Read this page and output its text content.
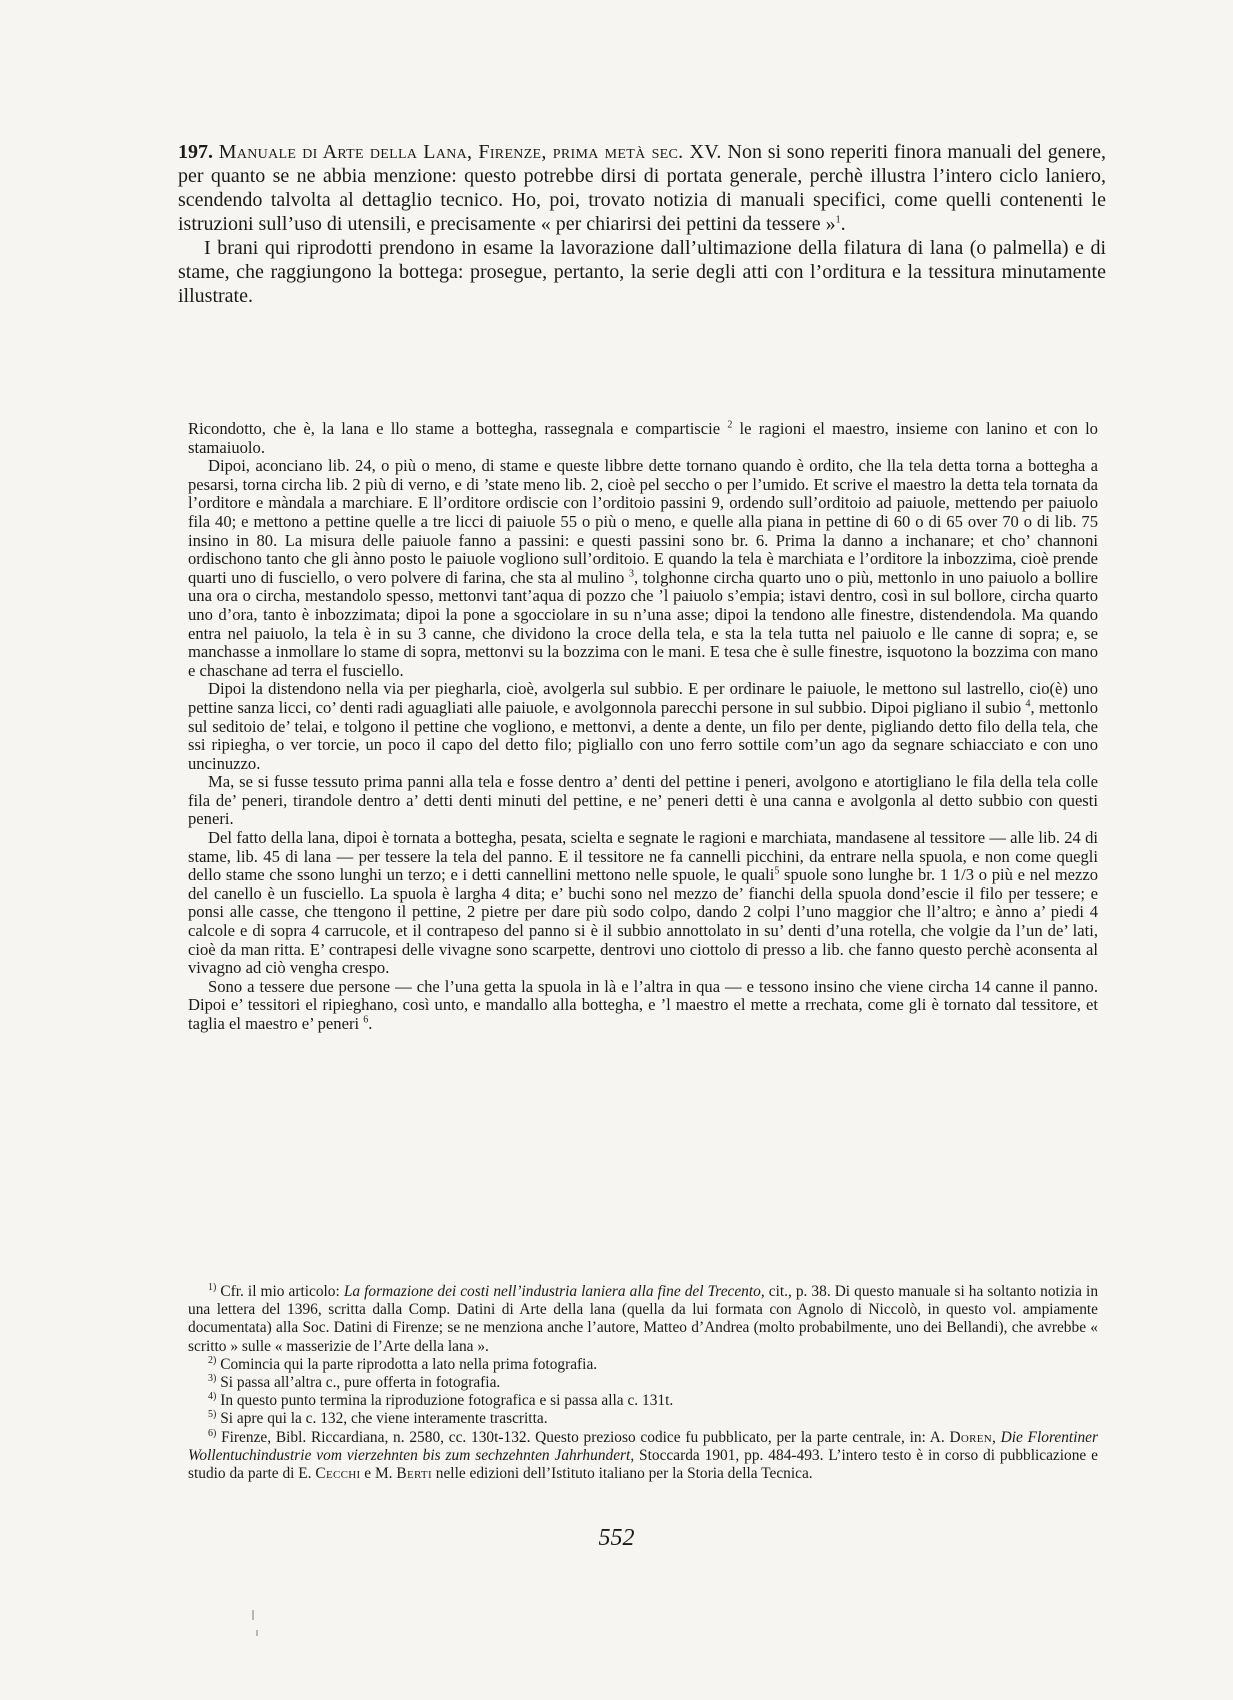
197. Manuale di Arte della Lana, Firenze, prima metà sec. XV. Non si sono reperiti finora manuali del genere, per quanto se ne abbia menzione: questo potrebbe dirsi di portata generale, perchè illustra l’intero ciclo laniero, scendendo talvolta al dettaglio tecnico. Ho, poi, trovato notizia di manuali specifici, come quelli contenenti le istruzioni sull’uso di utensili, e precisamente « per chiarirsi dei pettini da tessere »$^1$.

I brani qui riprodotti prendono in esame la lavorazione dall’ultimazione della filatura di lana (o palmella) e di stame, che raggiungono la bottega: prosegue, pertanto, la serie degli atti con l’orditura e la tessitura minutamente illustrate.

Ricondotto, che è, la lana e llo stame a bottegha, rassegnala e compartiscie $^2$ le ragioni el maestro, insieme con lanino et con lo stamaiuolo.

Dipoi, aconciano lib. 24, o più o meno, di stame e queste libbre dette tornano quando è ordito, che lla tela detta torna a bottegha a pesarsi, torna circha lib. 2 più di verno, e di ’state meno lib. 2, cioè pel seccho o per l’umido. Et scrive el maestro la detta tela tornata da l’orditore e màndala a marchiare. E ll’orditore ordiscie con l’orditoio passini 9, ordendo sull’orditoio ad paiuole, mettendo per paiuolo fila 40; e mettono a pettine quelle a tre licci di paiuole 55 o più o meno, e quelle alla piana in pettine di 60 o di 65 over 70 o di lib. 75 insino in 80. La misura delle paiuole fanno a passini: e questi passini sono br. 6. Prima la danno a inchanare; et cho’ channoni ordischono tanto che gli ànno posto le paiuole vogliono sull’orditoio. E quando la tela è marchiata e l’orditore la inbozzima, cioè prende quarti uno di fusciello, o vero polvere di farina, che sta al mulino $^3$, tolghonne circha quarto uno o più, mettonlo in uno paiuolo a bollire una ora o circha, mestandolo spesso, mettonvi tant’aqua di pozzo che ’l paiuolo s’empia; istavi dentro, così in sul bollore, circha quarto uno d’ora, tanto è inbozzimata; dipoi la pone a sgocciolare in su n’una asse; dipoi la tendono alle finestre, distendendola. Ma quando entra nel paiuolo, la tela è in su 3 canne, che dividono la croce della tela, e sta la tela tutta nel paiuolo e lle canne di sopra; e, se manchasse a inmollare lo stame di sopra, mettonvi su la bozzima con le mani. E tesa che è sulle finestre, isquotono la bozzima con mano e chaschane ad terra el fusciello.

Dipoi la distendono nella via per piegharla, cioè, avolgerla sul subbio. E per ordinare le paiuole, le mettono sul lastrello, cio(è) uno pettine sanza licci, co’ denti radi aguagliati alle paiuole, e avolgonnola parecchi persone in sul subbio. Dipoi pigliano il subio $^4$, mettonlo sul seditoio de’ telai, e tolgono il pettine che vogliono, e mettonvi, a dente a dente, un filo per dente, pigliando detto filo della tela, che ssi ripiegha, o ver torcie, un poco il capo del detto filo; pigliallo con uno ferro sottile com’un ago da segnare schiacciato e con uno uncinuzzo.

Ma, se si fusse tessuto prima panni alla tela e fosse dentro a’ denti del pettine i peneri, avolgono e atortigliano le fila della tela colle fila de’ peneri, tirandole dentro a’ detti denti minuti del pettine, e ne’ peneri detti è una canna e avolgonla al detto subbio con questi peneri.

Del fatto della lana, dipoi è tornata a bottegha, pesata, scielta e segnate le ragioni e marchiata, mandasene al tessitore — alle lib. 24 di stame, lib. 45 di lana — per tessere la tela del panno. E il tessitore ne fa cannelli picchini, da entrare nella spuola, e non come quegli dello stame che ssono lunghi un terzo; e i detti cannellini mettono nelle spuole, le quali$^5$ spuole sono lunghe br. 1 1/3 o più e nel mezzo del canello è un fusciello. La spuola è largha 4 dita; e’ buchi sono nel mezzo de’ fianchi della spuola dond’escie il filo per tessere; e ponsi alle casse, che ttengono il pettine, 2 pietre per dare più sodo colpo, dando 2 colpi l’uno maggior che ll’altro; e ànno a’ piedi 4 calcole e di sopra 4 carrucole, et il contrapeso del panno si è il subbio annottolato in su’ denti d’una rotella, che volgie da l’un de’ lati, cioè da man ritta. E’ contrapesi delle vivagne sono scarpette, dentrovi uno ciottolo di presso a lib. che fanno questo perchè aconsenta al vivagno ad ciò vengha crespo.

Sono a tessere due persone — che l’una getta la spuola in là e l’altra in qua — e tessono insino che viene circha 14 canne il panno. Dipoi e’ tessitori el ripieghano, così unto, e mandallo alla bottegha, e ’l maestro el mette a rrechata, come gli è tornato dal tessitore, et taglia el maestro e’ peneri $^6$.

$^{1)}$ Cfr. il mio articolo: La formazione dei costi nell’industria laniera alla fine del Trecento, cit., p. 38. Di questo manuale si ha soltanto notizia in una lettera del 1396, scritta dalla Comp. Datini di Arte della lana (quella da lui formata con Agnolo di Niccolò, in questo vol. ampiamente documentata) alla Soc. Datini di Firenze; se ne menziona anche l’autore, Matteo d’Andrea (molto probabilmente, uno dei Bellandi), che avrebbe « scritto » sulle « masserizie de l’Arte della lana ».

$^{2)}$ Comincia qui la parte riprodotta a lato nella prima fotografia.

$^{3)}$ Si passa all’altra c., pure offerta in fotografia.

$^{4)}$ In questo punto termina la riproduzione fotografica e si passa alla c. 131t.

$^{5)}$ Si apre qui la c. 132, che viene interamente trascritta.

$^{6)}$ Firenze, Bibl. Riccardiana, n. 2580, cc. 130t-132. Questo prezioso codice fu pubblicato, per la parte centrale, in: A. Doren, Die Florentiner Wollentuchindustrie vom vierzehnten bis zum sechzehnten Jahrhundert, Stoccarda 1901, pp. 484-493. L’intero testo è in corso di pubblicazione e studio da parte di E. Cecchi e M. Berti nelle edizioni dell’Istituto italiano per la Storia della Tecnica.

552
